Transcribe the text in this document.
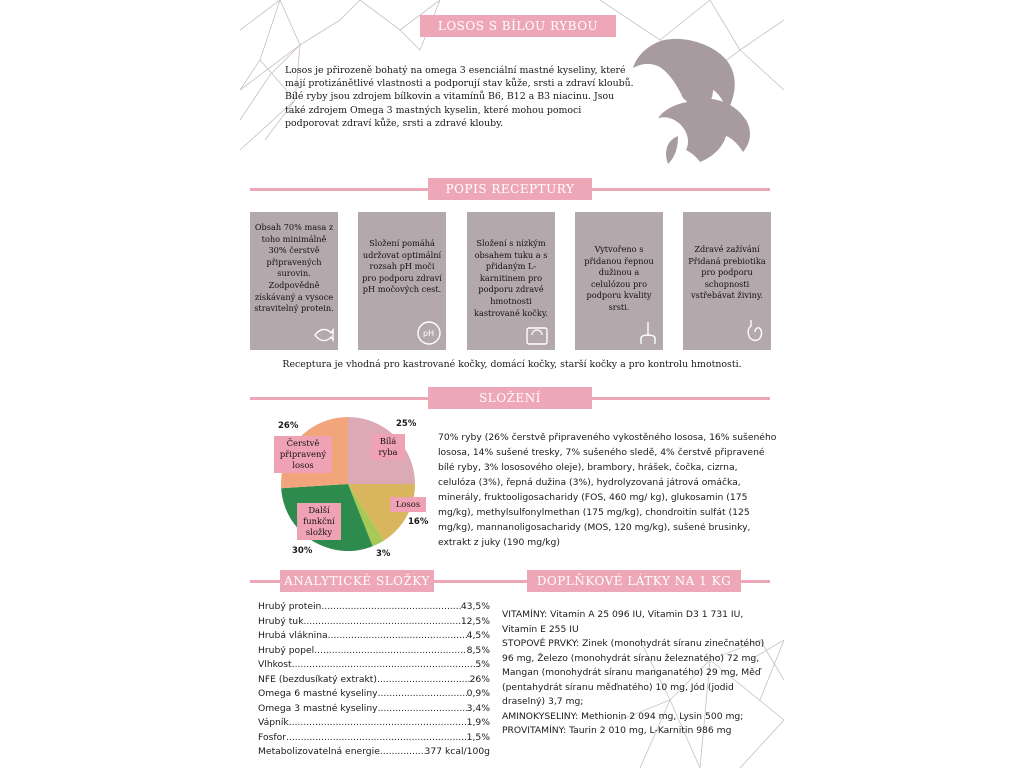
LOSOS S BÍLOU RYBOU

Losos je přirozeně bohatý na omega 3 esenciální mastné kyseliny, které mají protizánětlivé vlastnosti a podporují stav kůže, srsti a zdraví kloubů.

Bílé ryby jsou zdrojem bílkovin a vitamínů B6, B12 a B3 niacinu. Jsou také zdrojem Omega 3 mastných kyselin, které mohou pomoci podporovat zdraví kůže, srsti a zdravé klouby.

POPIS RECEPTURY
Obsah 70% masa z toho minimálně 30% čerstvě připravených surovin. Zodpovědně získávaný a vysoce stravitelný protein.
Složení pomáhá udržovat optimální rozsah pH moči pro podporu zdraví pH močových cest.
pH
Složení s nízkým obsahem tuku a s přidaným L-karnitinem pro podporu zdravé hmotnosti kastrované kočky.
Vytvořeno s přidanou řepnou dužinou a celulózou pro podporu kvality srsti.
Zdravé zažívání Přidaná prebiotika pro podporu schopnosti vstřebávat živiny.
Receptura je vhodná pro kastrované kočky, domácí kočky, starší kočky a pro kontrolu hmotnosti.
SLOŽENÍ
25%
16%
3%
30%
26%
Bílá ryba
Losos
Další funkční složky
Čerstvě připravený losos
70% ryby (26% čerstvě připraveného vykostěného lososa, 16% sušeného lososa, 14% sušené tresky, 7% sušeného sledě, 4% čerstvě připravené bílé ryby, 3% lososového oleje), brambory, hrášek, čočka, cizrna, celulóza (3%), řepná dužina (3%), hydrolyzovaná játrová omáčka, minerály, fruktooligosacharidy (FOS, 460 mg/ kg), glukosamin (175 mg/kg), methylsulfonylmethan (175 mg/kg), chondroitin sulfát (125 mg/kg), mannanoligosacharidy (MOS, 120 mg/kg), sušené brusinky, extrakt z juky (190 mg/kg)
ANALYTICKÉ SLOŽKY	DOPLŇKOVÉ LÁTKY NA 1 KG
Hrubý protein .....	43,5%
Hrubý tuk .....	12,5%
Hrubá vláknina .....	4,5%
Hrubý popel .....	8,5%
Vlhkost .....	5%
NFE (bezdusíkatý extrakt) .....	26%
Omega 6 mastné kyseliny .....	0,9%
Omega 3 mastné kyseliny .....	3,4%
Vápník .....	1,9%
Fosfor .....	1,5%
Metabolizovatelná energie .....	377 kcal/100g

VITAMÍNY: Vitamin A 25 096 IU, Vitamin D3 1 731 IU, Vitamin E 255 IU

STOPOVÉ PRVKY: Zinek (monohydrát síranu zinečnatého) 96 mg, Železo (monohydrát síranu železnatého) 72 mg, Mangan (monohydrát síranu manganatého) 29 mg, Měď (pentahydrát síranu měďnatého) 10 mg, Jód (jodid draselný) 3,7 mg;

AMINOKYSELINY: Methionin 2 094 mg, Lysin 500 mg;

PROVITAMÍNY: Taurin 2 010 mg, L-Karnitin 986 mg
